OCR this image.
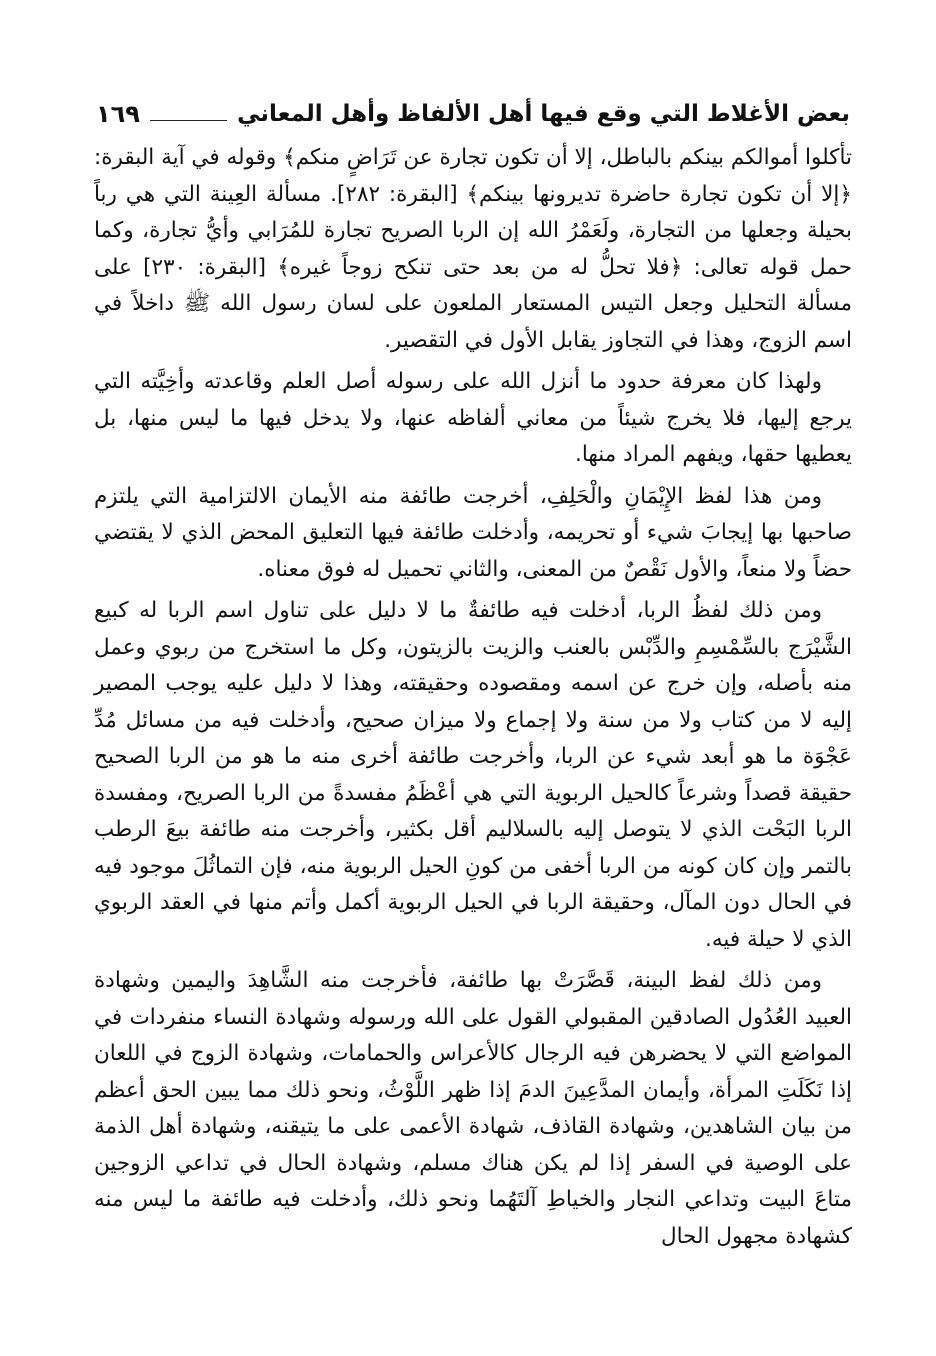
بعض الأغلاط التي وقع فيها أهل الألفاظ وأهل المعاني
١٦٩

تأكلوا أموالكم بينكم بالباطل، إلا أن تكون تجارة عن تَرَاضٍ منكم﴾ وقوله في آية البقرة: ﴿إلا أن تكون تجارة حاضرة تديرونها بينكم﴾ [البقرة: ٢٨٢]. مسألة العِينة التي هي رباً بحيلة وجعلها من التجارة، ولَعَمْرُ الله إن الربا الصريح تجارة للمُرَابي وأيُّ تجارة، وكما حمل قوله تعالى: ﴿فلا تحلُّ له من بعد حتى تنكح زوجاً غيره﴾ [البقرة: ٢٣٠] على مسألة التحليل وجعل التيس المستعار الملعون على لسان رسول الله ﷺ داخلاً في اسم الزوج، وهذا في التجاوز يقابل الأول في التقصير.

ولهذا كان معرفة حدود ما أنزل الله على رسوله أصل العلم وقاعدته وأخِيَّته التي يرجع إليها، فلا يخرج شيئاً من معاني ألفاظه عنها، ولا يدخل فيها ما ليس منها، بل يعطيها حقها، ويفهم المراد منها.

ومن هذا لفظ الإِيْمَانِ والْحَلِفِ، أخرجت طائفة منه الأيمان الالتزامية التي يلتزم صاحبها بها إيجابَ شيء أو تحريمه، وأدخلت طائفة فيها التعليق المحض الذي لا يقتضي حضاً ولا منعاً، والأول نَقْصٌ من المعنى، والثاني تحميل له فوق معناه.

ومن ذلك لفظُ الربا، أدخلت فيه طائفةٌ ما لا دليل على تناول اسم الربا له كبيع الشَّيْرَج بالسِّمْسِمِ والدِّبْس بالعنب والزيت بالزيتون، وكل ما استخرج من ربوي وعمل منه بأصله، وإن خرج عن اسمه ومقصوده وحقيقته، وهذا لا دليل عليه يوجب المصير إليه لا من كتاب ولا من سنة ولا إجماع ولا ميزان صحيح، وأدخلت فيه من مسائل مُدِّ عَجْوَة ما هو أبعد شيء عن الربا، وأخرجت طائفة أخرى منه ما هو من الربا الصحيح حقيقة قصداً وشرعاً كالحيل الربوية التي هي أعْظَمُ مفسدةً من الربا الصريح، ومفسدة الربا البَحْت الذي لا يتوصل إليه بالسلاليم أقل بكثير، وأخرجت منه طائفة بيعَ الرطب بالتمر وإن كان كونه من الربا أخفى من كونِ الحيل الربوية منه، فإن التماثُلَ موجود فيه في الحال دون المآل، وحقيقة الربا في الحيل الربوية أكمل وأتم منها في العقد الربوي الذي لا حيلة فيه.

ومن ذلك لفظ البينة، قَصَّرَتْ بها طائفة، فأخرجت منه الشَّاهِدَ واليمين وشهادة العبيد العُدُول الصادقين المقبولي القول على الله ورسوله وشهادة النساء منفردات في المواضع التي لا يحضرهن فيه الرجال كالأعراس والحمامات، وشهادة الزوج في اللعان إذا نَكَلَتِ المرأة، وأيمان المدَّعِينَ الدمَ إذا ظهر اللَّوْثُ، ونحو ذلك مما يبين الحق أعظم من بيان الشاهدين، وشهادة القاذف، شهادة الأعمى على ما يتيقنه، وشهادة أهل الذمة على الوصية في السفر إذا لم يكن هناك مسلم، وشهادة الحال في تداعي الزوجين متاعَ البيت وتداعي النجار والخياطِ آلتَهُما ونحو ذلك، وأدخلت فيه طائفة ما ليس منه كشهادة مجهول الحال
